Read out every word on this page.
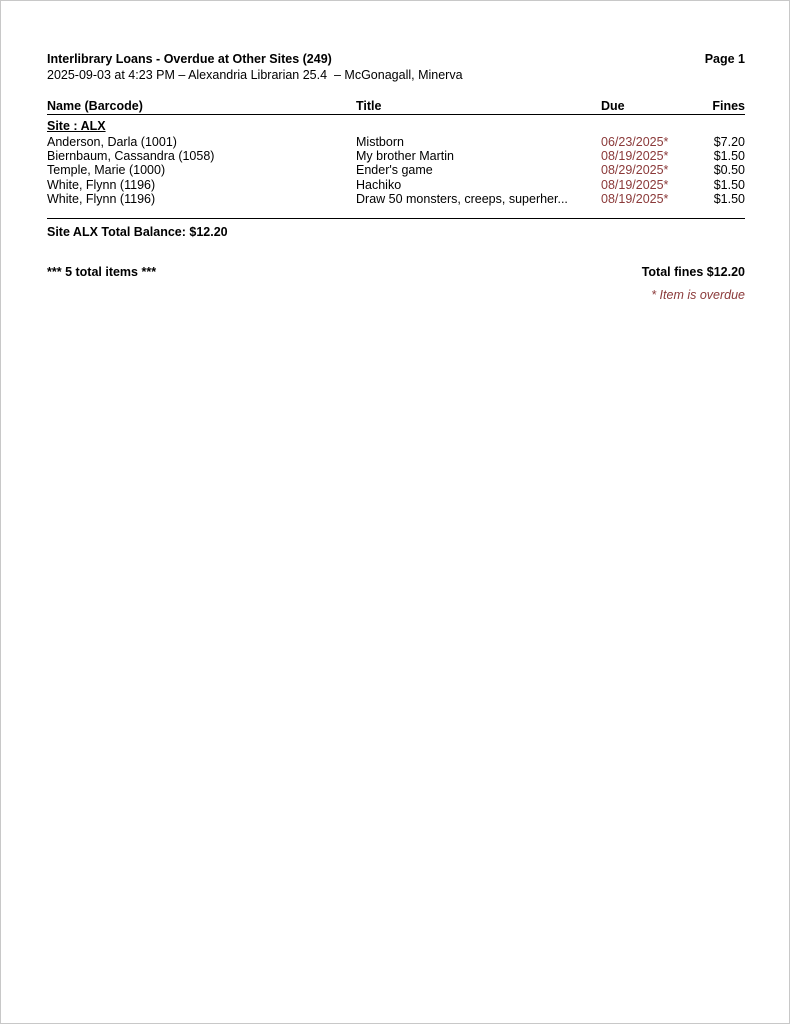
Interlibrary Loans - Overdue at Other Sites (249)	Page 1
2025-09-03 at 4:23 PM – Alexandria Librarian 25.4  – McGonagall, Minerva
Name (Barcode)	Title	Due	Fines
Site : ALX
Anderson, Darla (1001)	Mistborn	06/23/2025*	$7.20
Biernbaum, Cassandra (1058)	My brother Martin	08/19/2025*	$1.50
Temple, Marie (1000)	Ender's game	08/29/2025*	$0.50
White, Flynn (1196)	Hachiko	08/19/2025*	$1.50
White, Flynn (1196)	Draw 50 monsters, creeps, superher...	08/19/2025*	$1.50
Site ALX Total Balance: $12.20
*** 5 total items ***	Total fines $12.20
* Item is overdue
